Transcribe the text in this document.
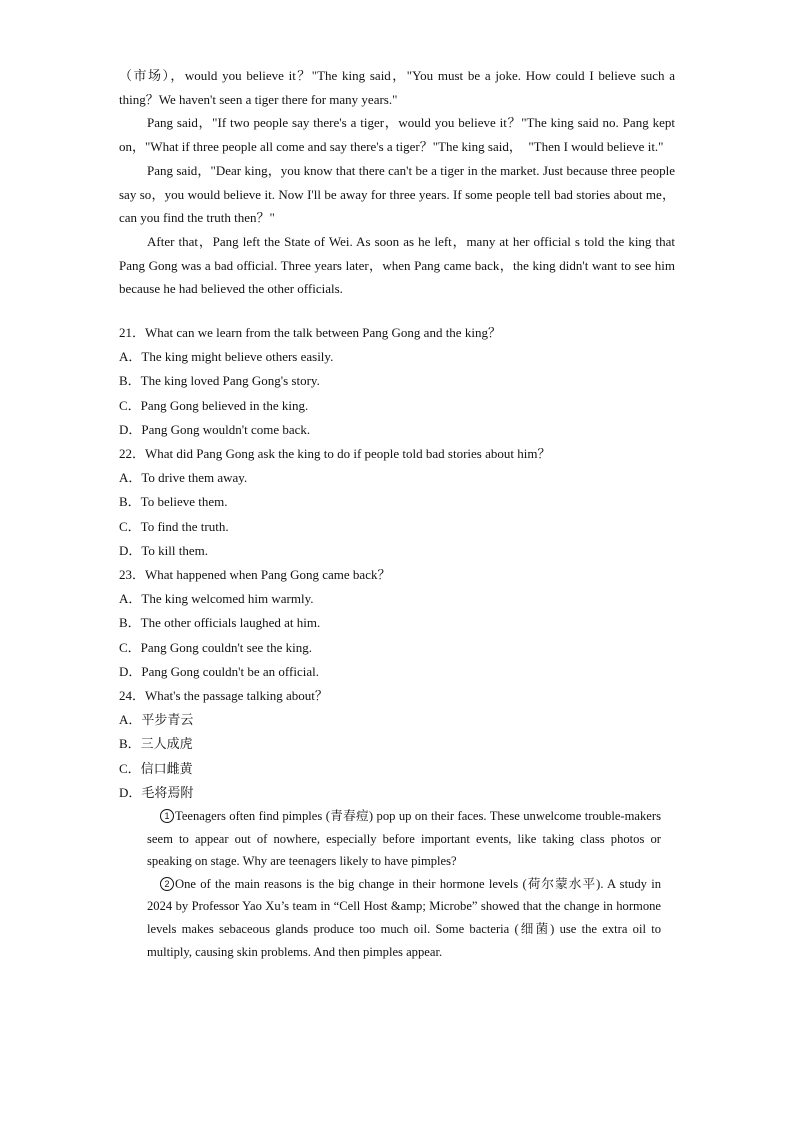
（市场），would you believe it？"The king said，"You must be a joke. How could I believe such a thing？We haven't seen a tiger there for many years."

Pang said，"If two people say there's a tiger，would you believe it？"The king said no. Pang kept on，"What if three people all come and say there's a tiger？"The king said，　"Then I would believe it."

Pang said，"Dear king，you know that there can't be a tiger in the market. Just because three people say so，you would believe it. Now I'll be away for three years. If some people tell bad stories about me，can you find the truth then？"

After that，Pang left the State of Wei. As soon as he left，many at her official s told the king that Pang Gong was a bad official. Three years later，when Pang came back，the king didn't want to see him because he had believed the other officials.

21．What can we learn from the talk between Pang Gong and the king？

A．The king might believe others easily.

B．The king loved Pang Gong's story.

C．Pang Gong believed in the king.

D．Pang Gong wouldn't come back.

22．What did Pang Gong ask the king to do if people told bad stories about him？

A．To drive them away.

B．To believe them.

C．To find the truth.

D．To kill them.

23．What happened when Pang Gong came back？

A．The king welcomed him warmly.

B．The other officials laughed at him.

C．Pang Gong couldn't see the king.

D．Pang Gong couldn't be an official.

24．What's the passage talking about？

A．平步青云

B．三人成虎

C．信口雌黄

D．毛将焉附

1 Teenagers often find pimples (青春痘) pop up on their faces. These unwelcome trouble-makers seem to appear out of nowhere, especially before important events, like taking class photos or speaking on stage. Why are teenagers likely to have pimples?

2 One of the main reasons is the big change in their hormone levels (荷尔蒙水平). A study in 2024 by Professor Yao Xu’s team in “Cell Host &amp; Microbe” showed that the change in hormone levels makes sebaceous glands produce too much oil. Some bacteria (细菌) use the extra oil to multiply, causing skin problems. And then pimples appear.
